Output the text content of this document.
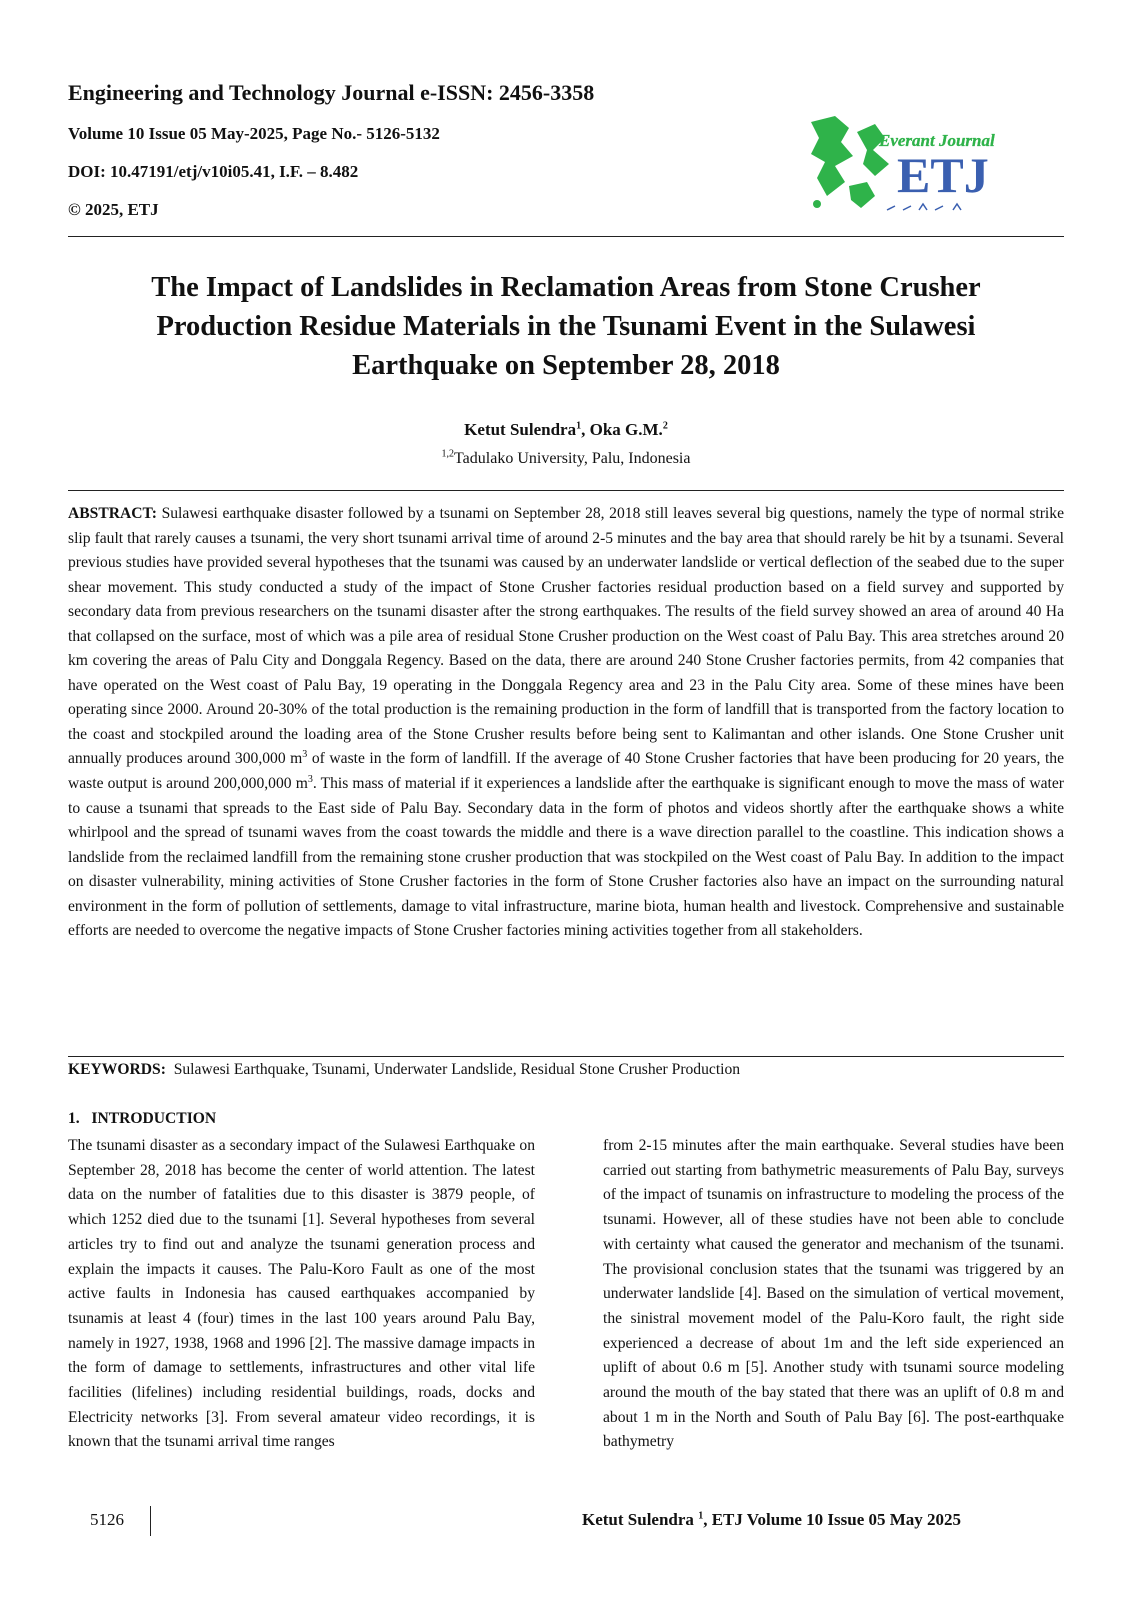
Engineering and Technology Journal e-ISSN: 2456-3358
Volume 10 Issue 05 May-2025, Page No.- 5126-5132
DOI: 10.47191/etj/v10i05.41, I.F. – 8.482
© 2025, ETJ
Everant Journal
ETJ
The Impact of Landslides in Reclamation Areas from Stone Crusher Production Residue Materials in the Tsunami Event in the Sulawesi Earthquake on September 28, 2018
Ketut Sulendra$^1$, Oka G.M.$^2$
$^{1,2}$Tadulako University, Palu, Indonesia
ABSTRACT: Sulawesi earthquake disaster followed by a tsunami on September 28, 2018 still leaves several big questions, namely the type of normal strike slip fault that rarely causes a tsunami, the very short tsunami arrival time of around 2-5 minutes and the bay area that should rarely be hit by a tsunami. Several previous studies have provided several hypotheses that the tsunami was caused by an underwater landslide or vertical deflection of the seabed due to the super shear movement. This study conducted a study of the impact of Stone Crusher factories residual production based on a field survey and supported by secondary data from previous researchers on the tsunami disaster after the strong earthquakes. The results of the field survey showed an area of around 40 Ha that collapsed on the surface, most of which was a pile area of residual Stone Crusher production on the West coast of Palu Bay. This area stretches around 20 km covering the areas of Palu City and Donggala Regency. Based on the data, there are around 240 Stone Crusher factories permits, from 42 companies that have operated on the West coast of Palu Bay, 19 operating in the Donggala Regency area and 23 in the Palu City area. Some of these mines have been operating since 2000. Around 20-30% of the total production is the remaining production in the form of landfill that is transported from the factory location to the coast and stockpiled around the loading area of the Stone Crusher results before being sent to Kalimantan and other islands. One Stone Crusher unit annually produces around 300,000 $m^3$ of waste in the form of landfill. If the average of 40 Stone Crusher factories that have been producing for 20 years, the waste output is around 200,000,000 $m^3$. This mass of material if it experiences a landslide after the earthquake is significant enough to move the mass of water to cause a tsunami that spreads to the East side of Palu Bay. Secondary data in the form of photos and videos shortly after the earthquake shows a white whirlpool and the spread of tsunami waves from the coast towards the middle and there is a wave direction parallel to the coastline. This indication shows a landslide from the reclaimed landfill from the remaining stone crusher production that was stockpiled on the West coast of Palu Bay. In addition to the impact on disaster vulnerability, mining activities of Stone Crusher factories in the form of Stone Crusher factories also have an impact on the surrounding natural environment in the form of pollution of settlements, damage to vital infrastructure, marine biota, human health and livestock. Comprehensive and sustainable efforts are needed to overcome the negative impacts of Stone Crusher factories mining activities together from all stakeholders.
KEYWORDS:  Sulawesi Earthquake, Tsunami, Underwater Landslide, Residual Stone Crusher Production
1.   INTRODUCTION
The tsunami disaster as a secondary impact of the Sulawesi Earthquake on September 28, 2018 has become the center of world attention. The latest data on the number of fatalities due to this disaster is 3879 people, of which 1252 died due to the tsunami [1]. Several hypotheses from several articles try to find out and analyze the tsunami generation process and explain the impacts it causes. The Palu-Koro Fault as one of the most active faults in Indonesia has caused earthquakes accompanied by tsunamis at least 4 (four) times in the last 100 years around Palu Bay, namely in 1927, 1938, 1968 and 1996 [2]. The massive damage impacts in the form of damage to settlements, infrastructures and other vital life facilities (lifelines) including residential buildings, roads, docks and Electricity networks [3]. From several amateur video recordings, it is known that the tsunami arrival time ranges
from 2-15 minutes after the main earthquake. Several studies have been carried out starting from bathymetric measurements of Palu Bay, surveys of the impact of tsunamis on infrastructure to modeling the process of the tsunami. However, all of these studies have not been able to conclude with certainty what caused the generator and mechanism of the tsunami. The provisional conclusion states that the tsunami was triggered by an underwater landslide [4]. Based on the simulation of vertical movement, the sinistral movement model of the Palu-Koro fault, the right side experienced a decrease of about 1m and the left side experienced an uplift of about 0.6 m [5]. Another study with tsunami source modeling around the mouth of the bay stated that there was an uplift of 0.8 m and about 1 m in the North and South of Palu Bay [6]. The post-earthquake bathymetry
5126	Ketut Sulendra $^1$, ETJ Volume 10 Issue 05 May 2025
